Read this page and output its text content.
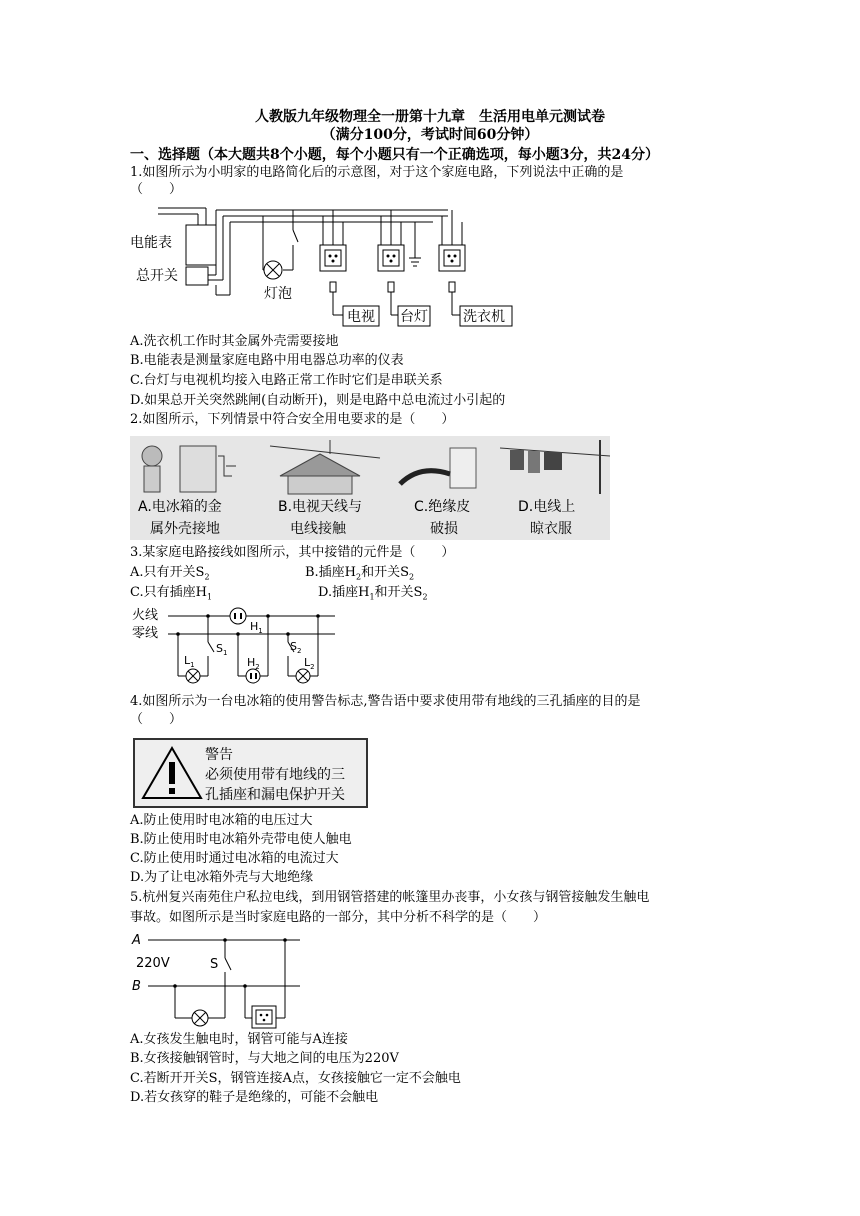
人教版九年级物理全一册第十九章　生活用电单元测试卷
（满分100分，考试时间60分钟）
一、选择题（本大题共8个小题，每个小题只有一个正确选项，每小题3分，共24分）
1.如图所示为小明家的电路简化后的示意图，对于这个家庭电路，下列说法中正确的是
（　　）
电能表
总开关
灯泡
电视 台灯	洗衣机
A.洗衣机工作时其金属外壳需要接地
B.电能表是测量家庭电路中用电器总功率的仪表
C.台灯与电视机均接入电路正常工作时它们是串联关系
D.如果总开关突然跳闸(自动断开)，则是电路中总电流过小引起的
2.如图所示，下列情景中符合安全用电要求的是（　　）
A.电冰箱的金
属外壳接地
B.电视天线与
电线接触
C.绝缘皮
破损
D.电线上
晾衣服
3.某家庭电路接线如图所示，其中接错的元件是（　　）
A.只有开关$S_2$	B.插座$H_2$和开关$S_2$
C.只有插座$H_1$	D.插座$H_1$和开关$S_2$
火线
零线	$H_1$
$H_2$
$L_1$
$S_1$	$S_2$
$L_2$
4.如图所示为一台电冰箱的使用警告标志,警告语中要求使用带有地线的三孔插座的目的是
（　　）
警告
必须使用带有地线的三
孔插座和漏电保护开关
A.防止使用时电冰箱的电压过大
B.防止使用时电冰箱外壳带电使人触电
C.防止使用时通过电冰箱的电流过大
D.为了让电冰箱外壳与大地绝缘
5.杭州复兴南苑住户私拉电线，到用钢管搭建的帐篷里办丧事，小女孩与钢管接触发生触电
事故。如图所示是当时家庭电路的一部分，其中分析不科学的是（　　）
A
B
220V	S
A.女孩发生触电时，钢管可能与A连接
B.女孩接触钢管时，与大地之间的电压为220V
C.若断开开关S，钢管连接A点，女孩接触它一定不会触电
D.若女孩穿的鞋子是绝缘的，可能不会触电
